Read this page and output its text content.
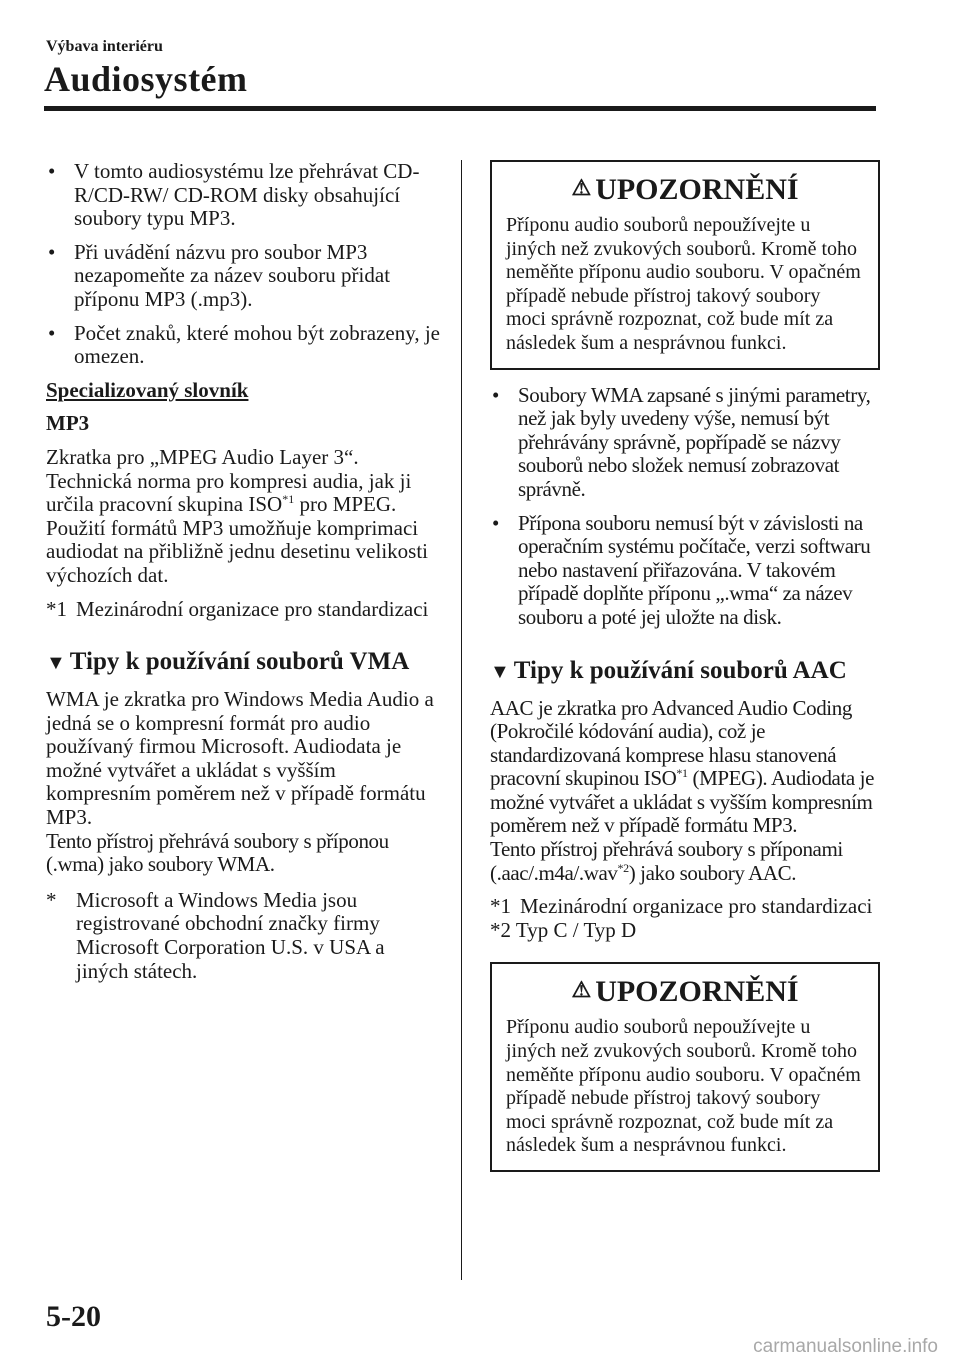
Výbava interiéru
Audiosystém

• V tomto audiosystému lze přehrávat CD-R/CD-RW/ CD-ROM disky obsahující soubory typu MP3.

• Při uvádění názvu pro soubor MP3 nezapomeňte za název souboru přidat příponu MP3 (.mp3).

• Počet znaků, které mohou být zobrazeny, je omezen.

Specializovaný slovník

MP3

Zkratka pro „MPEG Audio Layer 3“. Technická norma pro kompresi audia, jak ji určila pracovní skupina ISO$^{*1}$ pro MPEG. Použití formátů MP3 umožňuje komprimaci audiodat na přibližně jednu desetinu velikosti výchozích dat.

*1 Mezinárodní organizace pro standardizaci

▼ Tipy k používání souborů VMA

WMA je zkratka pro Windows Media Audio a jedná se o kompresní formát pro audio používaný firmou Microsoft. Audiodata je možné vytvářet a ukládat s vyšším kompresním poměrem než v případě formátu MP3.

Tento přístroj přehrává soubory s příponou (.wma) jako soubory WMA.

* Microsoft a Windows Media jsou registrované obchodní značky firmy Microsoft Corporation U.S. v USA a jiných státech.

⚠ UPOZORNĚNÍ
Příponu audio souborů nepoužívejte u jiných než zvukových souborů. Kromě toho neměňte příponu audio souboru. V opačném případě nebude přístroj takový soubory moci správně rozpoznat, což bude mít za následek šum a nesprávnou funkci.

• Soubory WMA zapsané s jinými parametry, než jak byly uvedeny výše, nemusí být přehrávány správně, popřípadě se názvy souborů nebo složek nemusí zobrazovat správně.

• Přípona souboru nemusí být v závislosti na operačním systému počítače, verzi softwaru nebo nastavení přiřazována. V takovém případě doplňte příponu „.wma“ za název souboru a poté jej uložte na disk.

▼ Tipy k používání souborů AAC

AAC je zkratka pro Advanced Audio Coding (Pokročilé kódování audia), což je standardizovaná komprese hlasu stanovená pracovní skupinou ISO$^{*1}$ (MPEG). Audiodata je možné vytvářet a ukládat s vyšším kompresním poměrem než v případě formátu MP3.

Tento přístroj přehrává soubory s příponami (.aac/.m4a/.wav$^{*2}$) jako soubory AAC.

*1 Mezinárodní organizace pro standardizaci

*2 Typ C / Typ D

⚠ UPOZORNĚNÍ
Příponu audio souborů nepoužívejte u jiných než zvukových souborů. Kromě toho neměňte příponu audio souboru. V opačném případě nebude přístroj takový soubory moci správně rozpoznat, což bude mít za následek šum a nesprávnou funkci.
5-20
carmanualsonline.info
